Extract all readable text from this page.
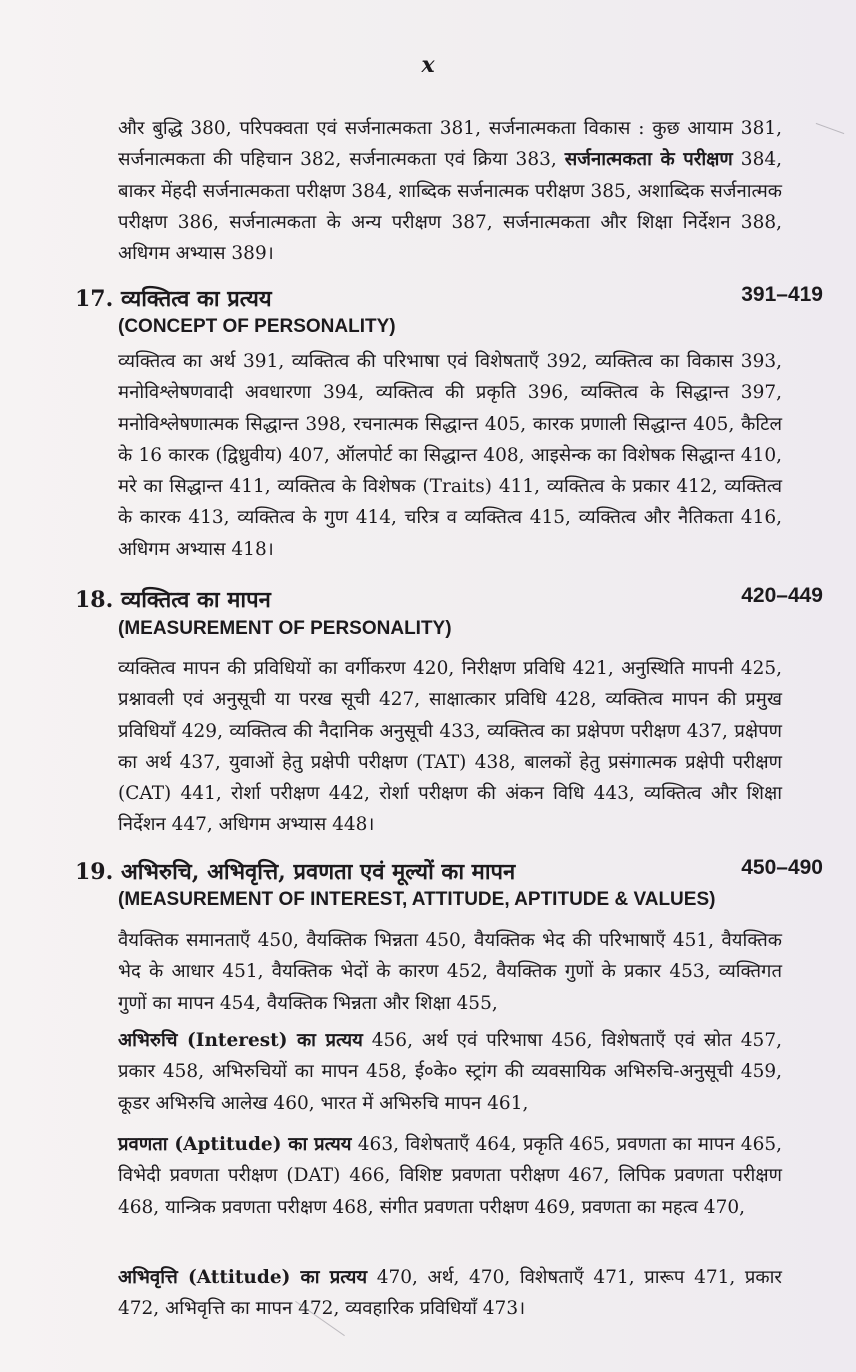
x
और बुद्धि 380, परिपक्वता एवं सर्जनात्मकता 381, सर्जनात्मकता विकास : कुछ आयाम 381, सर्जनात्मकता की पहिचान 382, सर्जनात्मकता एवं क्रिया 383, सर्जनात्मकता के परीक्षण 384, बाकर मेंहदी सर्जनात्मकता परीक्षण 384, शाब्दिक सर्जनात्मक परीक्षण 385, अशाब्दिक सर्जनात्मक परीक्षण 386, सर्जनात्मकता के अन्य परीक्षण 387, सर्जनात्मकता और शिक्षा निर्देशन 388, अधिगम अभ्यास 389।
17. व्यक्तित्व का प्रत्यय	391–419
(CONCEPT OF PERSONALITY)
व्यक्तित्व का अर्थ 391, व्यक्तित्व की परिभाषा एवं विशेषताएँ 392, व्यक्तित्व का विकास 393, मनोविश्लेषणवादी अवधारणा 394, व्यक्तित्व की प्रकृति 396, व्यक्तित्व के सिद्धान्त 397, मनोविश्लेषणात्मक सिद्धान्त 398, रचनात्मक सिद्धान्त 405, कारक प्रणाली सिद्धान्त 405, कैटिल के 16 कारक (द्विध्रुवीय) 407, ऑलपोर्ट का सिद्धान्त 408, आइसेन्क का विशेषक सिद्धान्त 410, मरे का सिद्धान्त 411, व्यक्तित्व के विशेषक (Traits) 411, व्यक्तित्व के प्रकार 412, व्यक्तित्व के कारक 413, व्यक्तित्व के गुण 414, चरित्र व व्यक्तित्व 415, व्यक्तित्व और नैतिकता 416, अधिगम अभ्यास 418।
18. व्यक्तित्व का मापन	420–449
(MEASUREMENT OF PERSONALITY)
व्यक्तित्व मापन की प्रविधियों का वर्गीकरण 420, निरीक्षण प्रविधि 421, अनुस्थिति मापनी 425, प्रश्नावली एवं अनुसूची या परख सूची 427, साक्षात्कार प्रविधि 428, व्यक्तित्व मापन की प्रमुख प्रविधियाँ 429, व्यक्तित्व की नैदानिक अनुसूची 433, व्यक्तित्व का प्रक्षेपण परीक्षण 437, प्रक्षेपण का अर्थ 437, युवाओं हेतु प्रक्षेपी परीक्षण (TAT) 438, बालकों हेतु प्रसंगात्मक प्रक्षेपी परीक्षण (CAT) 441, रोर्शा परीक्षण 442, रोर्शा परीक्षण की अंकन विधि 443, व्यक्तित्व और शिक्षा निर्देशन 447, अधिगम अभ्यास 448।
19. अभिरुचि, अभिवृत्ति, प्रवणता एवं मूल्यों का मापन	450–490
(MEASUREMENT OF INTEREST, ATTITUDE, APTITUDE & VALUES)
वैयक्तिक समानताएँ 450, वैयक्तिक भिन्नता 450, वैयक्तिक भेद की परिभाषाएँ 451, वैयक्तिक भेद के आधार 451, वैयक्तिक भेदों के कारण 452, वैयक्तिक गुणों के प्रकार 453, व्यक्तिगत गुणों का मापन 454, वैयक्तिक भिन्नता और शिक्षा 455,
अभिरुचि (Interest) का प्रत्यय 456, अर्थ एवं परिभाषा 456, विशेषताएँ एवं स्रोत 457, प्रकार 458, अभिरुचियों का मापन 458, ई०के० स्ट्रांग की व्यवसायिक अभिरुचि-अनुसूची 459, कूडर अभिरुचि आलेख 460, भारत में अभिरुचि मापन 461,
प्रवणता (Aptitude) का प्रत्यय 463, विशेषताएँ 464, प्रकृति 465, प्रवणता का मापन 465, विभेदी प्रवणता परीक्षण (DAT) 466, विशिष्ट प्रवणता परीक्षण 467, लिपिक प्रवणता परीक्षण 468, यान्त्रिक प्रवणता परीक्षण 468, संगीत प्रवणता परीक्षण 469, प्रवणता का महत्व 470,
अभिवृत्ति (Attitude) का प्रत्यय 470, अर्थ, 470, विशेषताएँ 471, प्रारूप 471, प्रकार 472, अभिवृत्ति का मापन 472, व्यवहारिक प्रविधियाँ 473।
